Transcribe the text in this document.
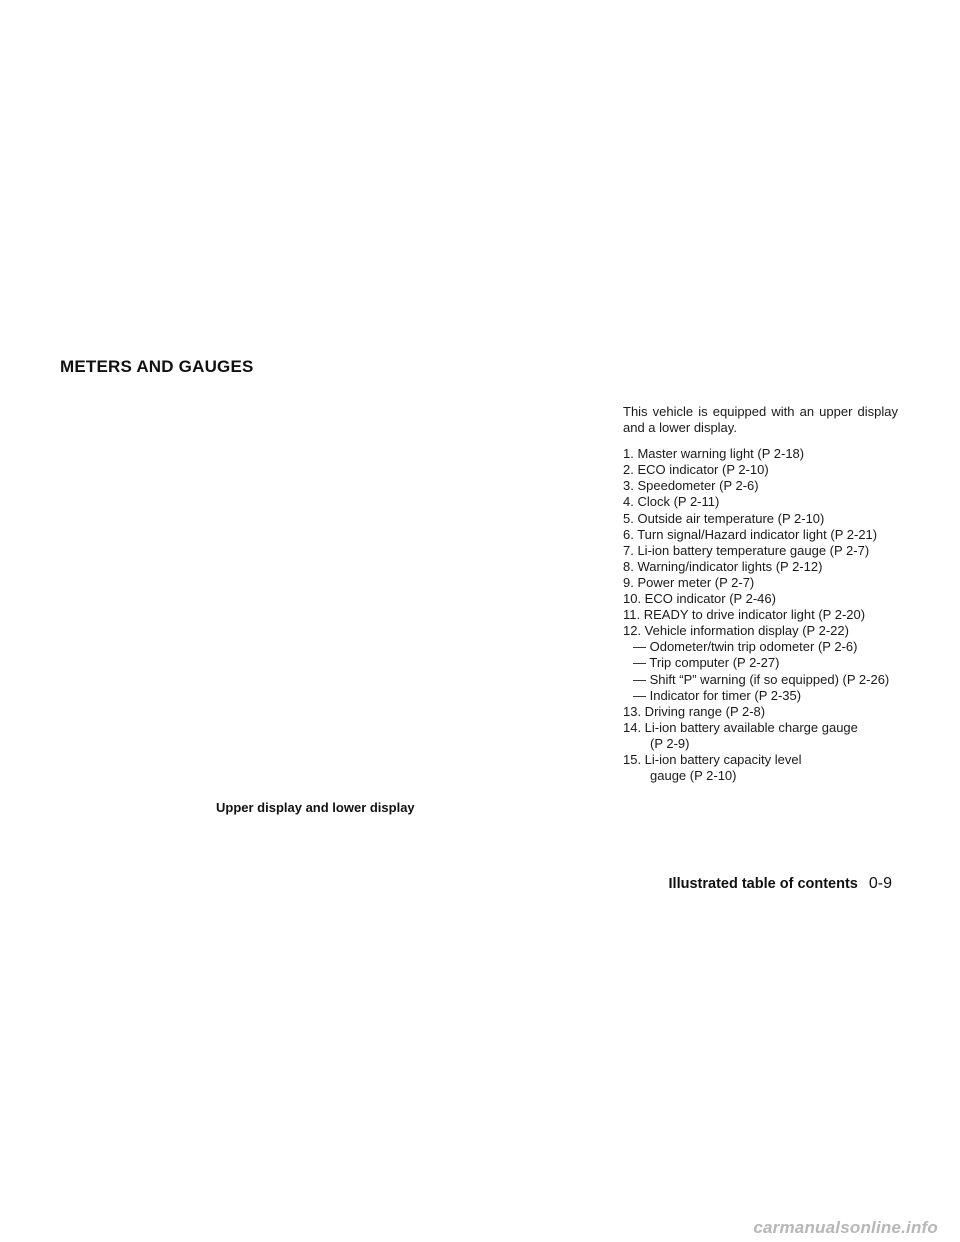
METERS AND GAUGES

This vehicle is equipped with an upper display and a lower display.

1. Master warning light (P 2-18)
2. ECO indicator (P 2-10)
3. Speedometer (P 2-6)
4. Clock (P 2-11)
5. Outside air temperature (P 2-10)
6. Turn signal/Hazard indicator light (P 2-21)
7. Li-ion battery temperature gauge (P 2-7)
8. Warning/indicator lights (P 2-12)
9. Power meter (P 2-7)
10. ECO indicator (P 2-46)
11. READY to drive indicator light (P 2-20)
12. Vehicle information display (P 2-22)
— Odometer/twin trip odometer (P 2-6)
— Trip computer (P 2-27)
— Shift “P” warning (if so equipped) (P 2-26)
— Indicator for timer (P 2-35)
13. Driving range (P 2-8)
14. Li-ion battery available charge gauge
(P 2-9)
15. Li-ion battery capacity level
gauge (P 2-10)
Upper display and lower display
Illustrated table of contents 0-9
carmanualsonline.info
